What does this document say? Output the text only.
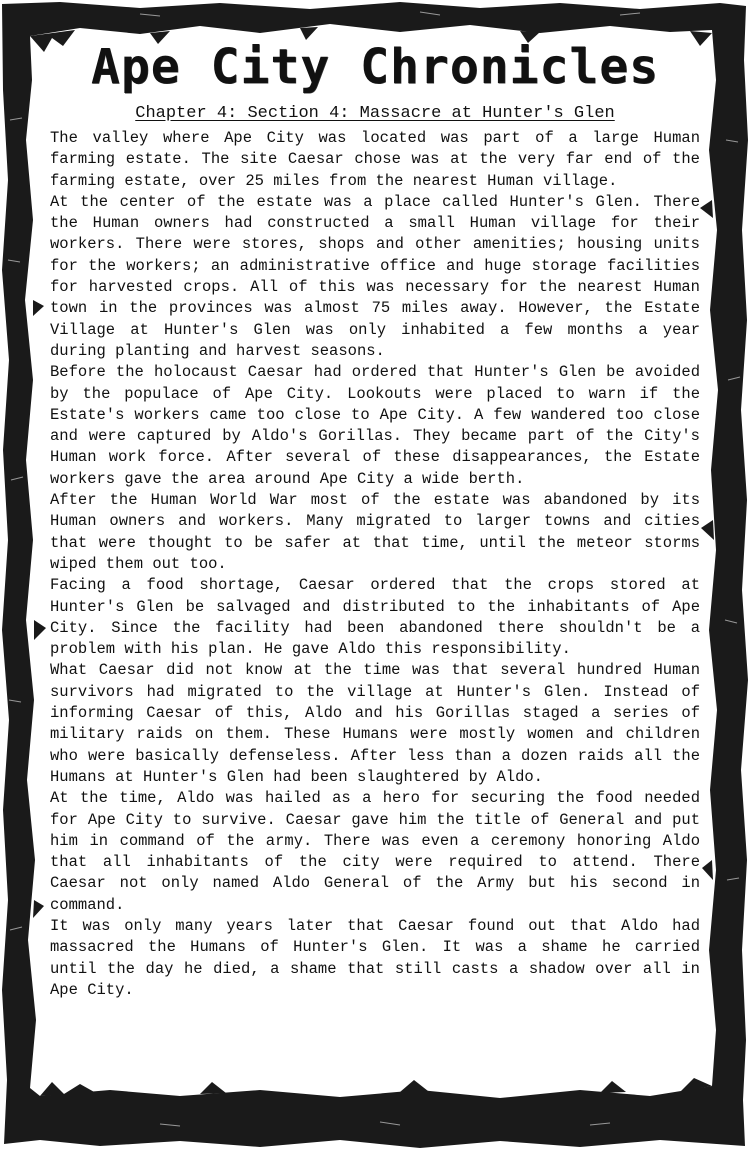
Ape City Chronicles
Chapter 4: Section 4: Massacre at Hunter's Glen

The valley where Ape City was located was part of a large Human farming estate. The site Caesar chose was at the very far end of the farming estate, over 25 miles from the nearest Human village.

At the center of the estate was a place called Hunter's Glen. There the Human owners had constructed a small Human village for their workers. There were stores, shops and other amenities; housing units for the workers; an administrative office and huge storage facilities for harvested crops. All of this was necessary for the nearest Human town in the provinces was almost 75 miles away. However, the Estate Village at Hunter's Glen was only inhabited a few months a year during planting and harvest seasons.

Before the holocaust Caesar had ordered that Hunter's Glen be avoided by the populace of Ape City. Lookouts were placed to warn if the Estate's workers came too close to Ape City. A few wandered too close and were captured by Aldo's Gorillas. They became part of the City's Human work force. After several of these disappearances, the Estate workers gave the area around Ape City a wide berth.

After the Human World War most of the estate was abandoned by its Human owners and workers. Many migrated to larger towns and cities that were thought to be safer at that time, until the meteor storms wiped them out too.

Facing a food shortage, Caesar ordered that the crops stored at Hunter's Glen be salvaged and distributed to the inhabitants of Ape City. Since the facility had been abandoned there shouldn't be a problem with his plan. He gave Aldo this responsibility.

What Caesar did not know at the time was that several hundred Human survivors had migrated to the village at Hunter's Glen. Instead of informing Caesar of this, Aldo and his Gorillas staged a series of military raids on them. These Humans were mostly women and children who were basically defenseless. After less than a dozen raids all the Humans at Hunter's Glen had been slaughtered by Aldo.

At the time, Aldo was hailed as a hero for securing the food needed for Ape City to survive. Caesar gave him the title of General and put him in command of the army. There was even a ceremony honoring Aldo that all inhabitants of the city were required to attend. There Caesar not only named Aldo General of the Army but his second in command.

It was only many years later that Caesar found out that Aldo had massacred the Humans of Hunter's Glen. It was a shame he carried until the day he died, a shame that still casts a shadow over all in Ape City.
